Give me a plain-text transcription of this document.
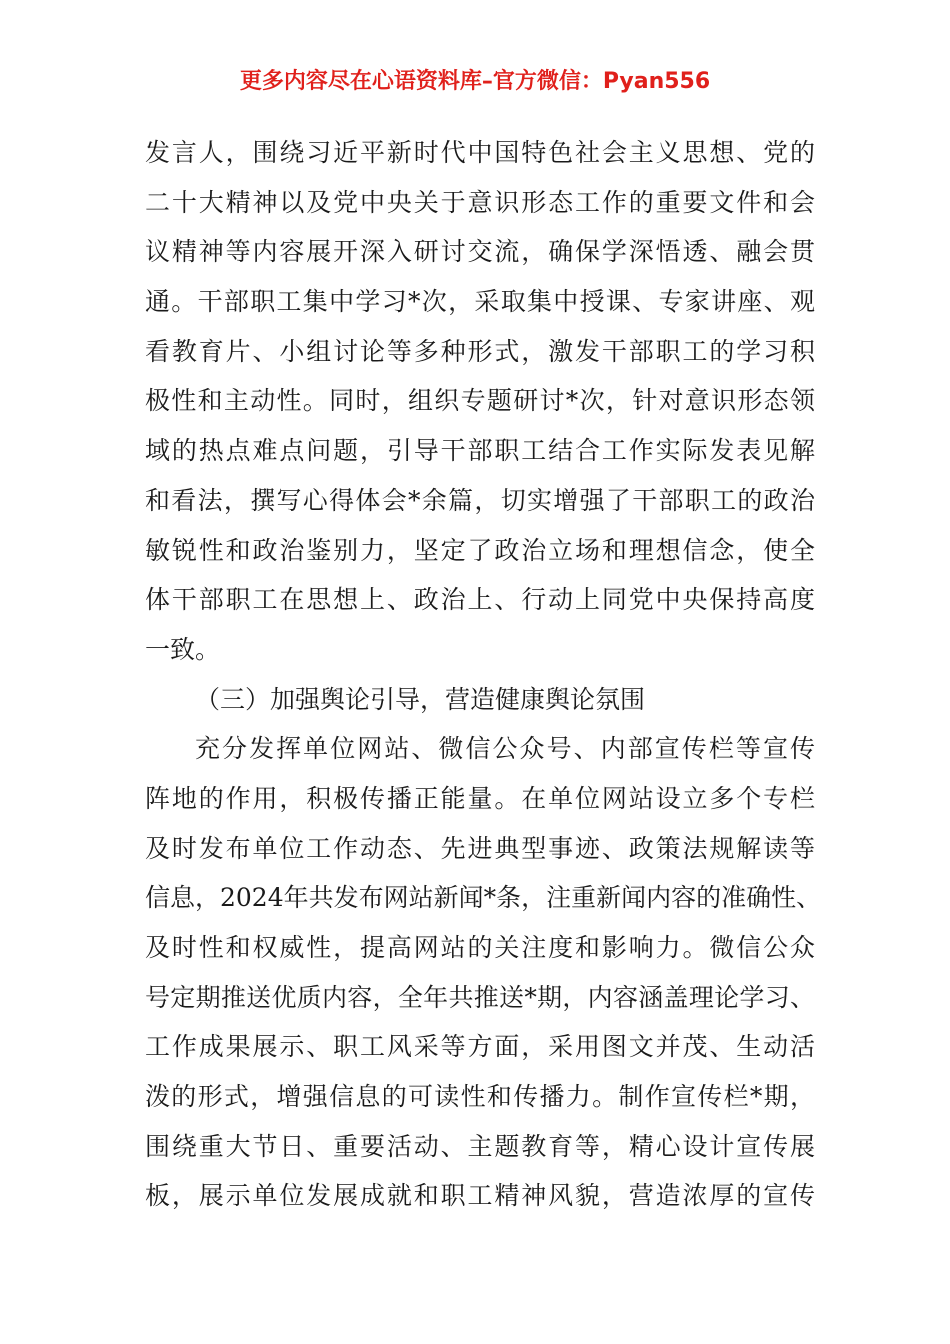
更多内容尽在心语资料库–官方微信：Pyan556
发言人，围绕习近平新时代中国特色社会主义思想、党的
二十大精神以及党中央关于意识形态工作的重要文件和会
议精神等内容展开深入研讨交流，确保学深悟透、融会贯
通。干部职工集中学习*次，采取集中授课、专家讲座、观
看教育片、小组讨论等多种形式，激发干部职工的学习积
极性和主动性。同时，组织专题研讨*次，针对意识形态领
域的热点难点问题，引导干部职工结合工作实际发表见解
和看法，撰写心得体会*余篇，切实增强了干部职工的政治
敏锐性和政治鉴别力，坚定了政治立场和理想信念，使全
体干部职工在思想上、政治上、行动上同党中央保持高度
一致。
（三）加强舆论引导，营造健康舆论氛围
充分发挥单位网站、微信公众号、内部宣传栏等宣传
阵地的作用，积极传播正能量。在单位网站设立多个专栏
及时发布单位工作动态、先进典型事迹、政策法规解读等
信息，2024年共发布网站新闻*条，注重新闻内容的准确性、
及时性和权威性，提高网站的关注度和影响力。微信公众
号定期推送优质内容，全年共推送*期，内容涵盖理论学习、
工作成果展示、职工风采等方面，采用图文并茂、生动活
泼的形式，增强信息的可读性和传播力。制作宣传栏*期，
围绕重大节日、重要活动、主题教育等，精心设计宣传展
板，展示单位发展成就和职工精神风貌，营造浓厚的宣传
